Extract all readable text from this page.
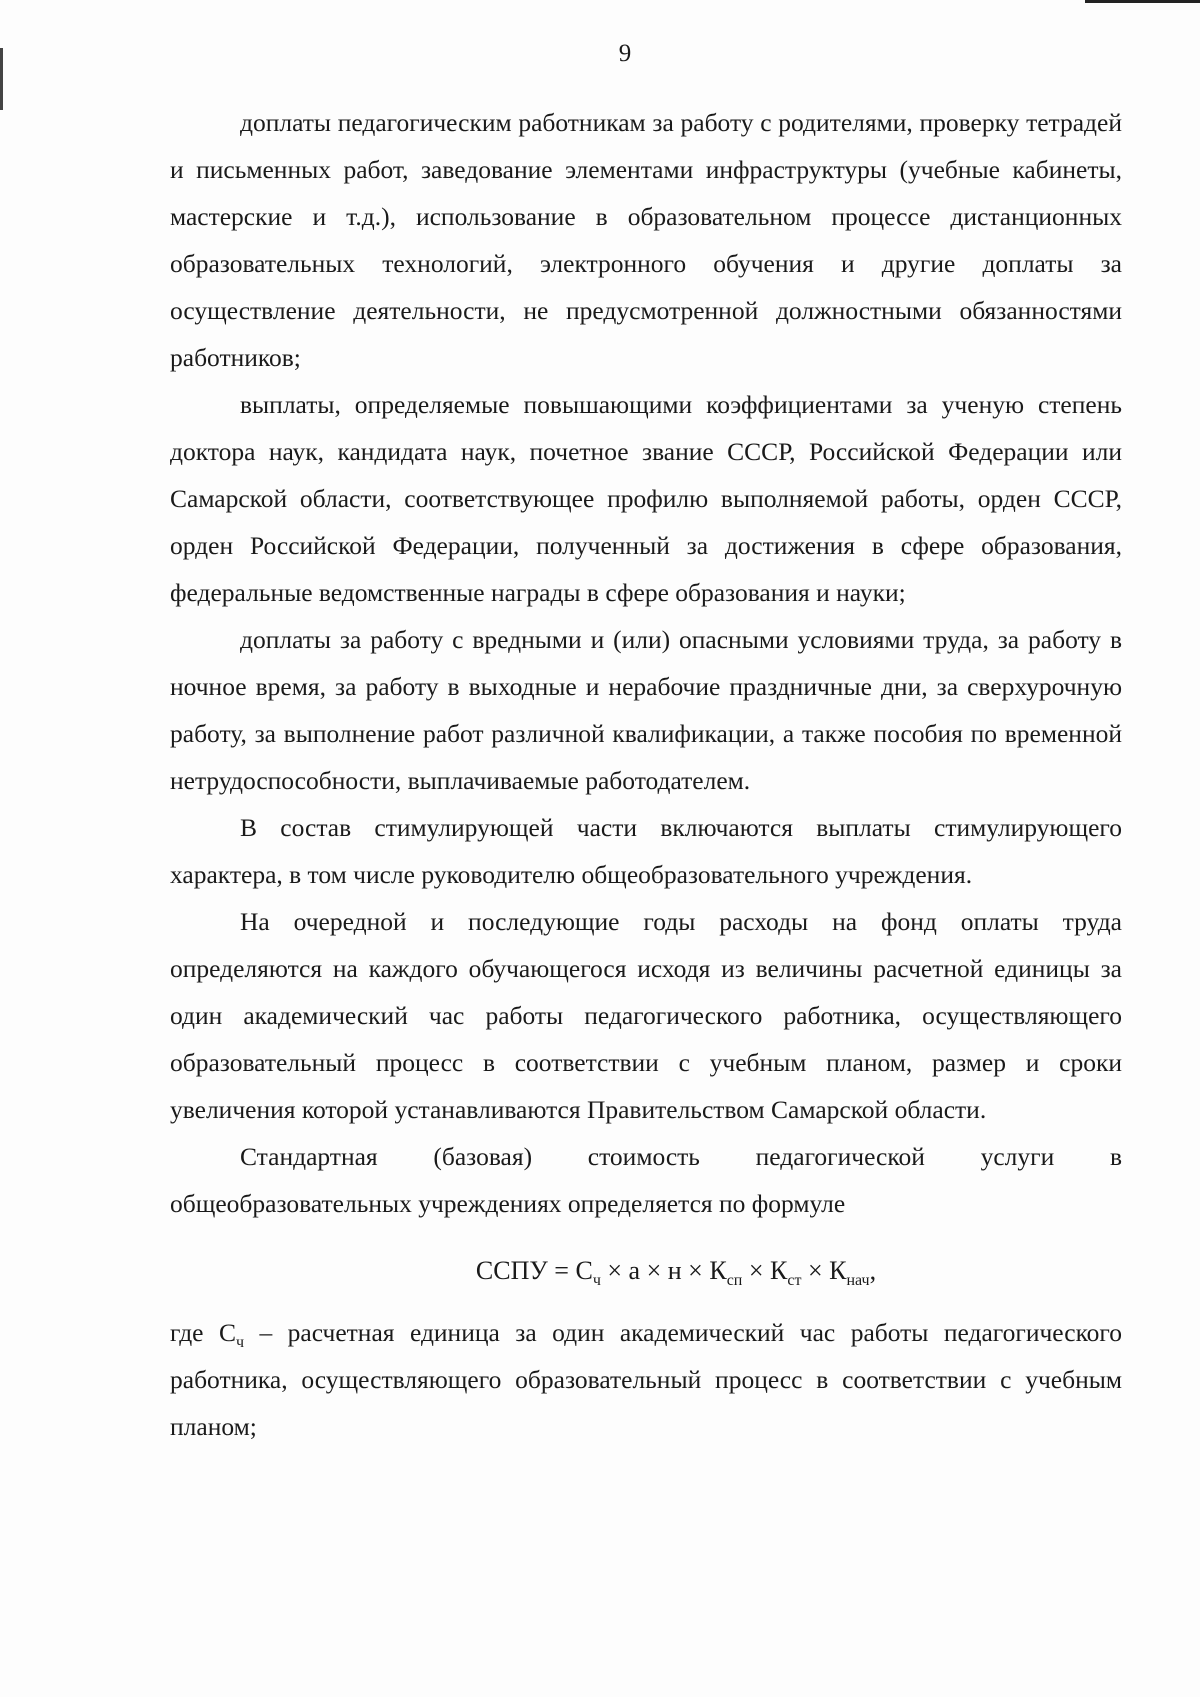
9

доплаты педагогическим работникам за работу с родителями, проверку тетрадей и письменных работ, заведование элементами инфраструктуры (учебные кабинеты, мастерские и т.д.), использование в образовательном процессе дистанционных образовательных технологий, электронного обучения и другие доплаты за осуществление деятельности, не предусмотренной должностными обязанностями работников;

выплаты, определяемые повышающими коэффициентами за ученую степень доктора наук, кандидата наук, почетное звание СССР, Российской Федерации или Самарской области, соответствующее профилю выполняемой работы, орден СССР, орден Российской Федерации, полученный за достижения в сфере образования, федеральные ведомственные награды в сфере образования и науки;

доплаты за работу с вредными и (или) опасными условиями труда, за работу в ночное время, за работу в выходные и нерабочие праздничные дни, за сверхурочную работу, за выполнение работ различной квалификации, а также пособия по временной нетрудоспособности, выплачиваемые работодателем.

В состав стимулирующей части включаются выплаты стимулирующего характера, в том числе руководителю общеобразовательного учреждения.

На очередной и последующие годы расходы на фонд оплаты труда определяются на каждого обучающегося исходя из величины расчетной единицы за один академический час работы педагогического работника, осуществляющего образовательный процесс в соответствии с учебным планом, размер и сроки увеличения которой устанавливаются Правительством Самарской области.

Стандартная (базовая) стоимость педагогической услуги в общеобразовательных учреждениях определяется по формуле

ССПУ = $С_ч \times а \times н \times К_{сп} \times К_{ст} \times К_{нач}$,

где $С_ч$ – расчетная единица за один академический час работы педагогического работника, осуществляющего образовательный процесс в соответствии с учебным планом;
